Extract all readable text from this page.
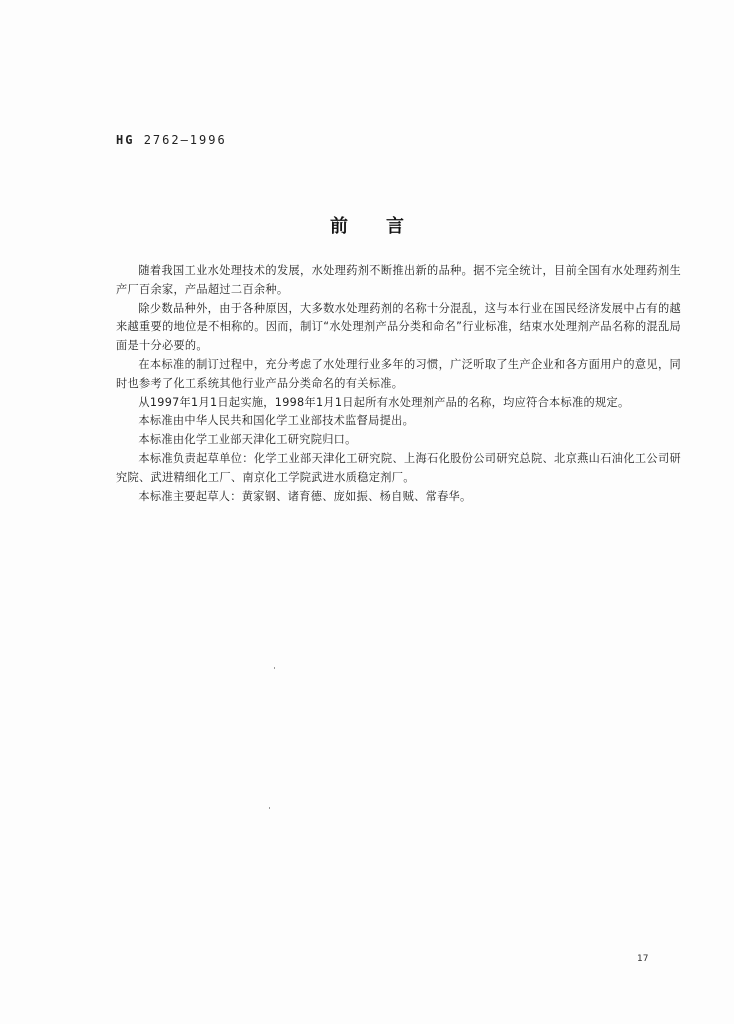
HG 2762—1996
前言

随着我国工业水处理技术的发展，水处理药剂不断推出新的品种。据不完全统计，目前全国有水处理药剂生产厂百余家，产品超过二百余种。

除少数品种外，由于各种原因，大多数水处理药剂的名称十分混乱，这与本行业在国民经济发展中占有的越来越重要的地位是不相称的。因而，制订“水处理剂产品分类和命名”行业标准，结束水处理剂产品名称的混乱局面是十分必要的。

在本标准的制订过程中，充分考虑了水处理行业多年的习惯，广泛听取了生产企业和各方面用户的意见，同时也参考了化工系统其他行业产品分类命名的有关标准。

从1997年1月1日起实施，1998年1月1日起所有水处理剂产品的名称，均应符合本标准的规定。

本标准由中华人民共和国化学工业部技术监督局提出。

本标准由化学工业部天津化工研究院归口。

本标准负责起草单位：化学工业部天津化工研究院、上海石化股份公司研究总院、北京燕山石油化工公司研究院、武进精细化工厂、南京化工学院武进水质稳定剂厂。

本标准主要起草人：黄家钢、诸育德、庞如振、杨自贼、常春华。

17
